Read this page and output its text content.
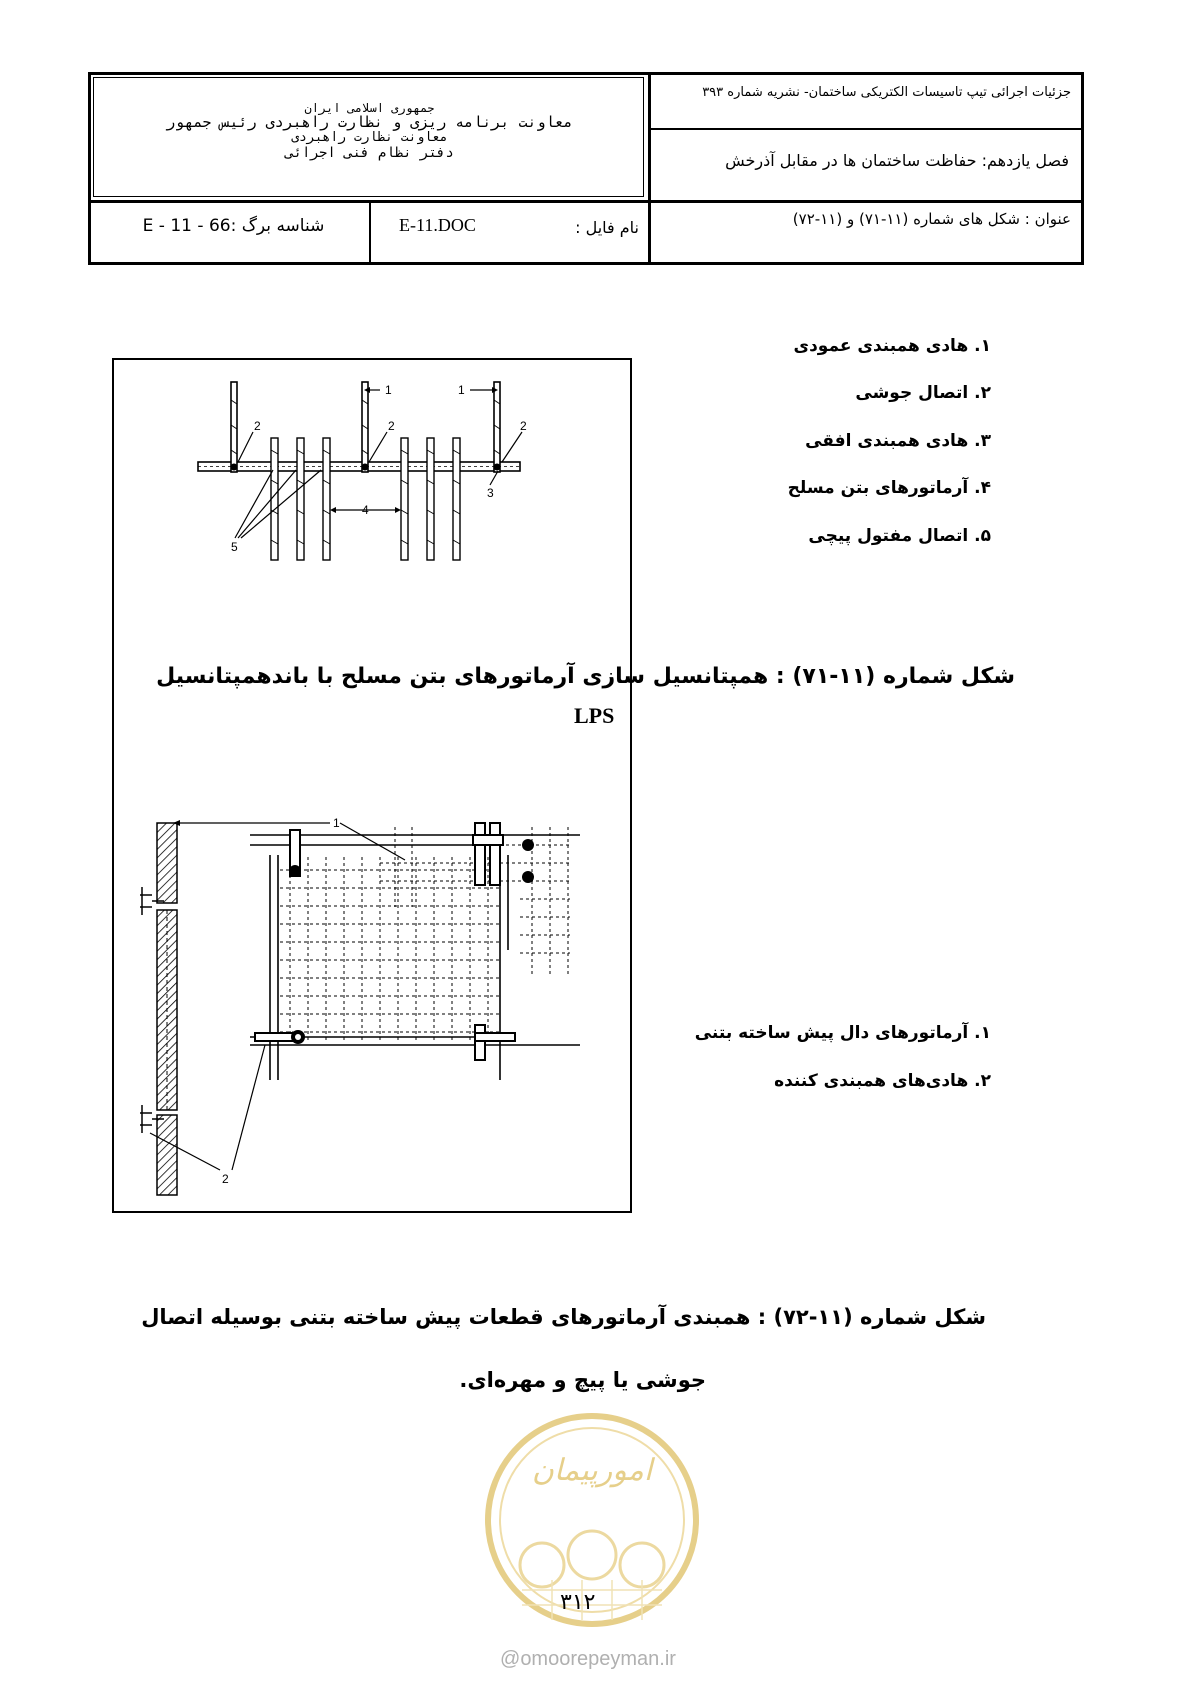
جزئیات اجرائی تیپ تاسیسات الکتریکی ساختمان- نشریه شماره ۳۹۳
فصل یازدهم: حفاظت ساختمان ها در مقابل آذرخش
عنوان : شکل های شماره (۱۱-۷۱) و (۱۱-۷۲)
جمهوری اسلامی ایران
معاونت برنامه ریزی و نظارت راهبردی رئیس جمهور
معاونت نظارت راهبردی
دفتر نظام فنی اجرائی
نام فایل :
E-11.DOC
شناسه برگ :66 - 11 - E
۱. هادی همبندی عمودی
۲. اتصال جوشی
۳. هادی همبندی افقی
۴. آرماتورهای بتن مسلح
۵. اتصال مفتول پیچی
1	1
2	2	2
3
4
5
شکل شماره (۱۱-۷۱) : همپتانسیل سازی آرماتورهای بتن مسلح با باندهمپتانسیل
LPS
1
2
۱. آرماتورهای دال پیش ساخته بتنی
۲. هادی‌های همبندی کننده
شکل شماره (۱۱-۷۲) : همبندی آرماتورهای قطعات پیش ساخته بتنی بوسیله اتصال
جوشی یا پیچ و مهره‌ای.
امورپیمان
۳۱۲
@omoorepeyman.ir
